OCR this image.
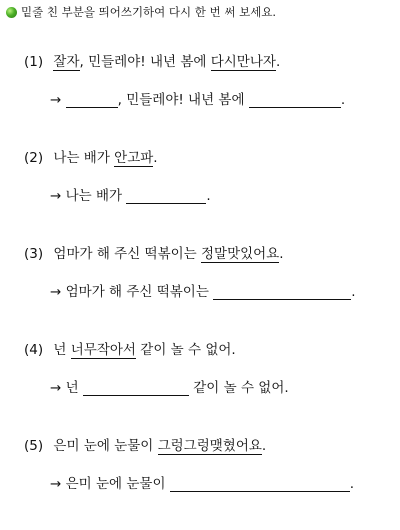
밑줄 친 부분을 띄어쓰기하여 다시 한 번 써 보세요.
(1) 잘자, 민들레야! 내년 봄에 다시만나자.
→	, 민들레야! 내년 봄에	.
(2) 나는 배가 안고파.
→ 나는 배가	.
(3) 엄마가 해 주신 떡볶이는 정말맛있어요.
→ 엄마가 해 주신 떡볶이는	.
(4) 넌 너무작아서 같이 놀 수 없어.
→ 넌	같이 놀 수 없어.
(5) 은미 눈에 눈물이 그렁그렁맺혔어요.
→ 은미 눈에 눈물이	.
